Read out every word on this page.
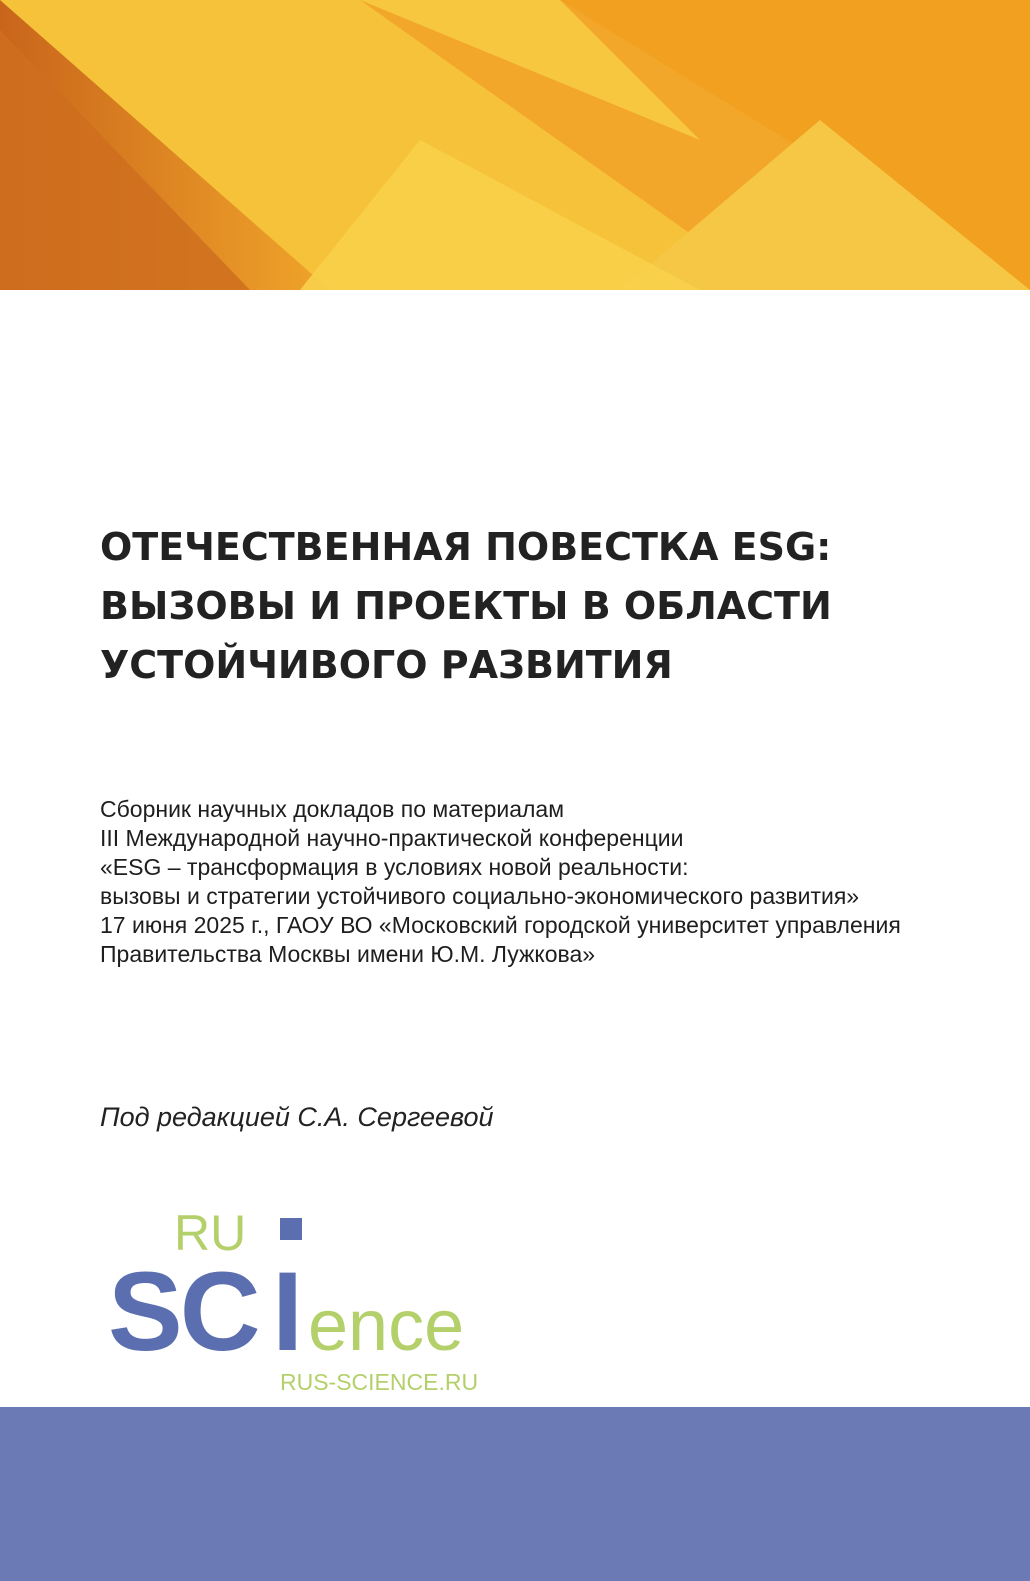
ОТЕЧЕСТВЕННАЯ ПОВЕСТКА ESG:
ВЫЗОВЫ И ПРОЕКТЫ В ОБЛАСТИ
УСТОЙЧИВОГО РАЗВИТИЯ
Сборник научных докладов по материалам
III Международной научно-практической конференции
«ESG – трансформация в условиях новой реальности:
вызовы и стратегии устойчивого социально-экономического развития»
17 июня 2025 г., ГАОУ ВО «Московский городской университет управления
Правительства Москвы имени Ю.М. Лужкова»
Под редакцией С.А. Сергеевой
RU
SC I ence
RUS-SCIENCE.RU
